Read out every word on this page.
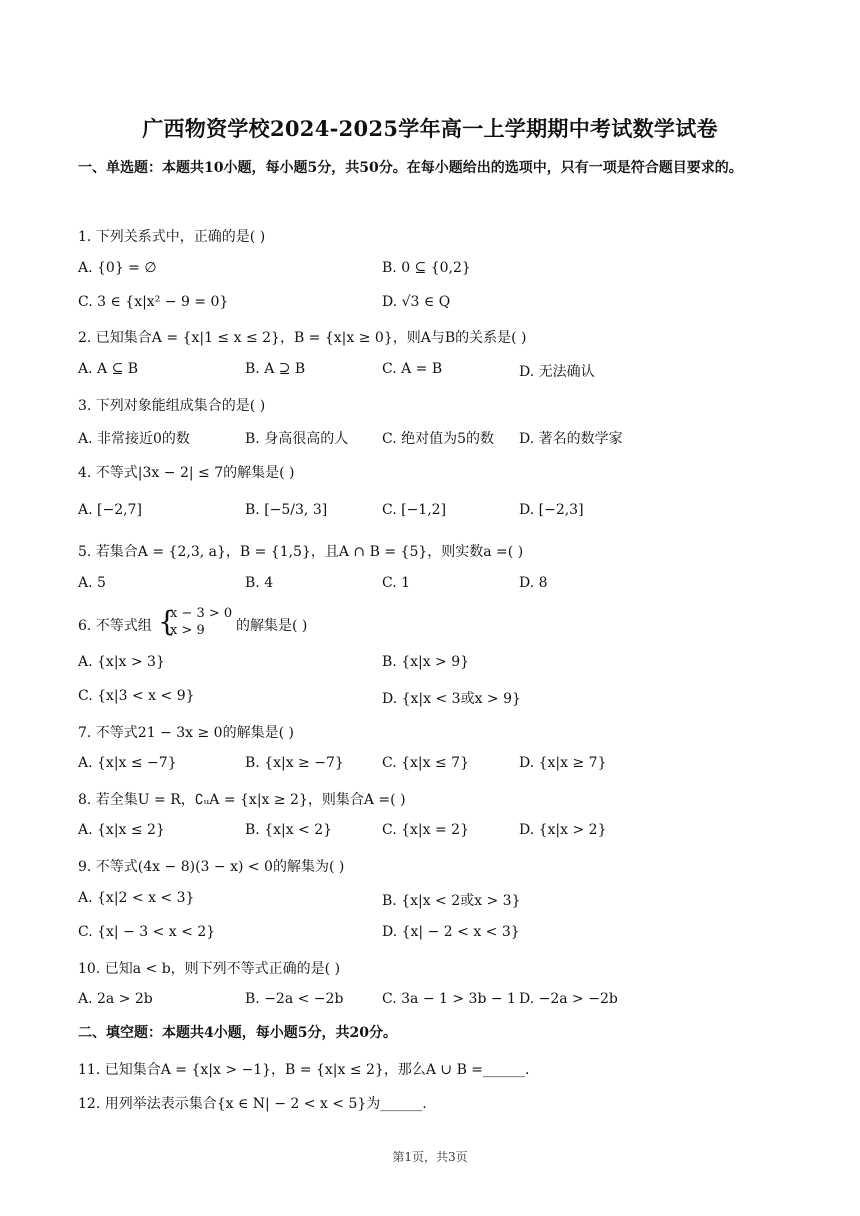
广西物资学校2024-2025学年高一上学期期中考试数学试卷
一、单选题：本题共10小题，每小题5分，共50分。在每小题给出的选项中，只有一项是符合题目要求的。
1. 下列关系式中，正确的是( )
A. {0} = ∅	B. 0 ⊆ {0,2}
C. 3 ∈ {x|x² − 9 = 0}	D. √3 ∈ Q
2. 已知集合A = {x|1 ≤ x ≤ 2}，B = {x|x ≥ 0}，则A与B的关系是( )
A. A ⊆ B	B. A ⊇ B	C. A = B	D. 无法确认
3. 下列对象能组成集合的是( )
A. 非常接近0的数	B. 身高很高的人 C. 绝对值为5的数 D. 著名的数学家
4. 不等式|3x − 2| ≤ 7的解集是( )
A. [−2,7]	B. [−5/3, 3]	C. [−1,2]	D. [−2,3]
5. 若集合A = {2,3, a}，B = {1,5}，且A ∩ B = {5}，则实数a =( )
A. 5	B. 4	C. 1	D. 8
6. 不等式组 {
x − 3 > 0
x > 9 的解集是( )
A. {x|x > 3}	B. {x|x > 9}
C. {x|3 < x < 9}	D. {x|x < 3或x > 9}
7. 不等式21 − 3x ≥ 0的解集是( )
A. {x|x ≤ −7}	B. {x|x ≥ −7}	C. {x|x ≤ 7}	D. {x|x ≥ 7}
8. 若全集U = R，∁ᵤA = {x|x ≥ 2}，则集合A =( )
A. {x|x ≤ 2}	B. {x|x < 2}	C. {x|x = 2}	D. {x|x > 2}
9. 不等式(4x − 8)(3 − x) < 0的解集为( )
A. {x|2 < x < 3}	B. {x|x < 2或x > 3}
C. {x| − 3 < x < 2}	D. {x| − 2 < x < 3}
10. 已知a < b，则下列不等式正确的是( )
A. 2a > 2b	B. −2a < −2b	C. 3a − 1 > 3b − 1 D. −2a > −2b
二、填空题：本题共4小题，每小题5分，共20分。
11. 已知集合A = {x|x > −1}，B = {x|x ≤ 2}，那么A ∪ B =______.
12. 用列举法表示集合{x ∈ N| − 2 < x < 5}为______.
第1页，共3页
